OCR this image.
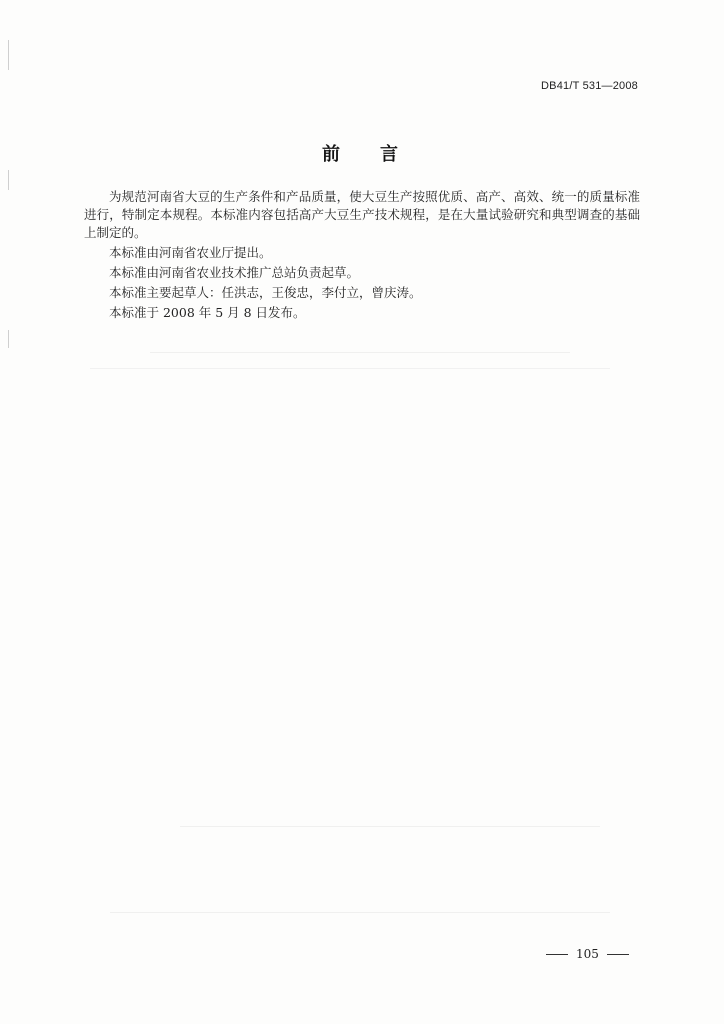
DB41/T 531—2008
前言

为规范河南省大豆的生产条件和产品质量，使大豆生产按照优质、高产、高效、统一的质量标准进行，特制定本规程。本标准内容包括高产大豆生产技术规程，是在大量试验研究和典型调查的基础上制定的。

本标准由河南省农业厅提出。

本标准由河南省农业技术推广总站负责起草。

本标准主要起草人：任洪志，王俊忠，李付立，曾庆涛。

本标准于 2008 年 5 月 8 日发布。

105
